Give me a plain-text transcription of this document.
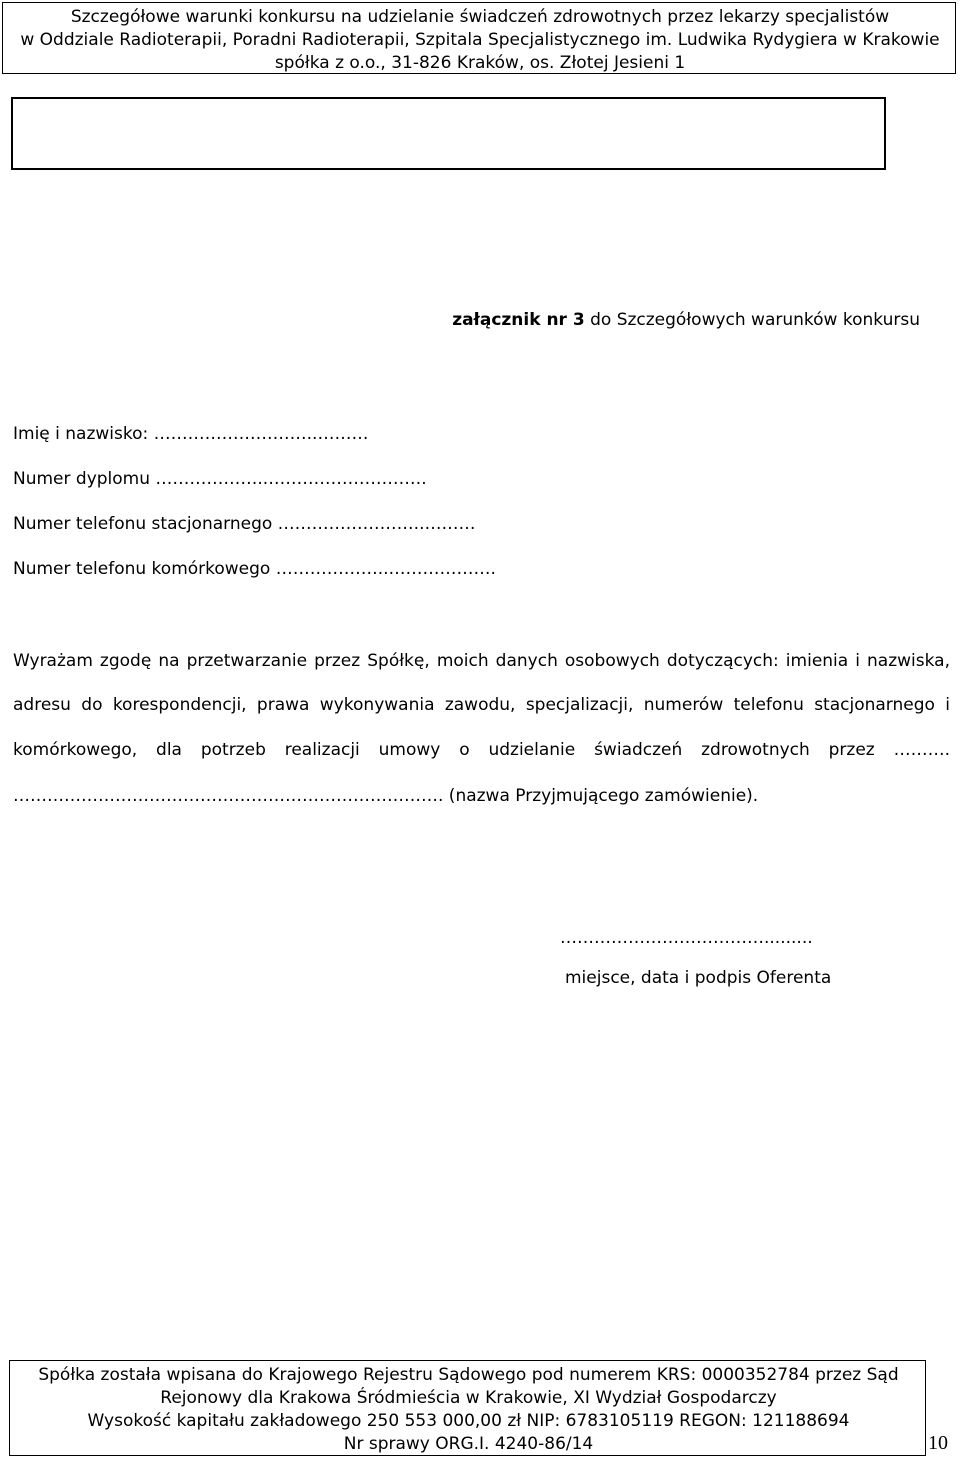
Szczegółowe warunki konkursu na udzielanie świadczeń zdrowotnych przez lekarzy specjalistów
w Oddziale Radioterapii, Poradni Radioterapii, Szpitala Specjalistycznego im. Ludwika Rydygiera w Krakowie
spółka z o.o., 31-826 Kraków, os. Złotej Jesieni 1
załącznik nr 3 do Szczegółowych warunków konkursu
Imię i nazwisko: ………………………..………
Numer dyplomu ………………..……………………….
Numer telefonu stacjonarnego ……………………..………
Numer telefonu komórkowego ………………..……………….
Wyrażam zgodę na przetwarzanie przez Spółkę, moich danych osobowych dotyczących: imienia i nazwiska,
adresu do korespondencji, prawa wykonywania zawodu, specjalizacji, numerów telefonu stacjonarnego i
komórkowego, dla potrzeb realizacji umowy o udzielanie świadczeń zdrowotnych przez ……….
…………………………………………………………………. (nazwa Przyjmującego zamówienie).
……………………………….........
miejsce, data i podpis Oferenta
Spółka została wpisana do Krajowego Rejestru Sądowego pod numerem KRS: 0000352784 przez Sąd
Rejonowy dla Krakowa Śródmieścia w Krakowie, XI Wydział Gospodarczy
Wysokość kapitału zakładowego 250 553 000,00 zł NIP: 6783105119 REGON: 121188694
Nr sprawy ORG.I. 4240-86/14	10
